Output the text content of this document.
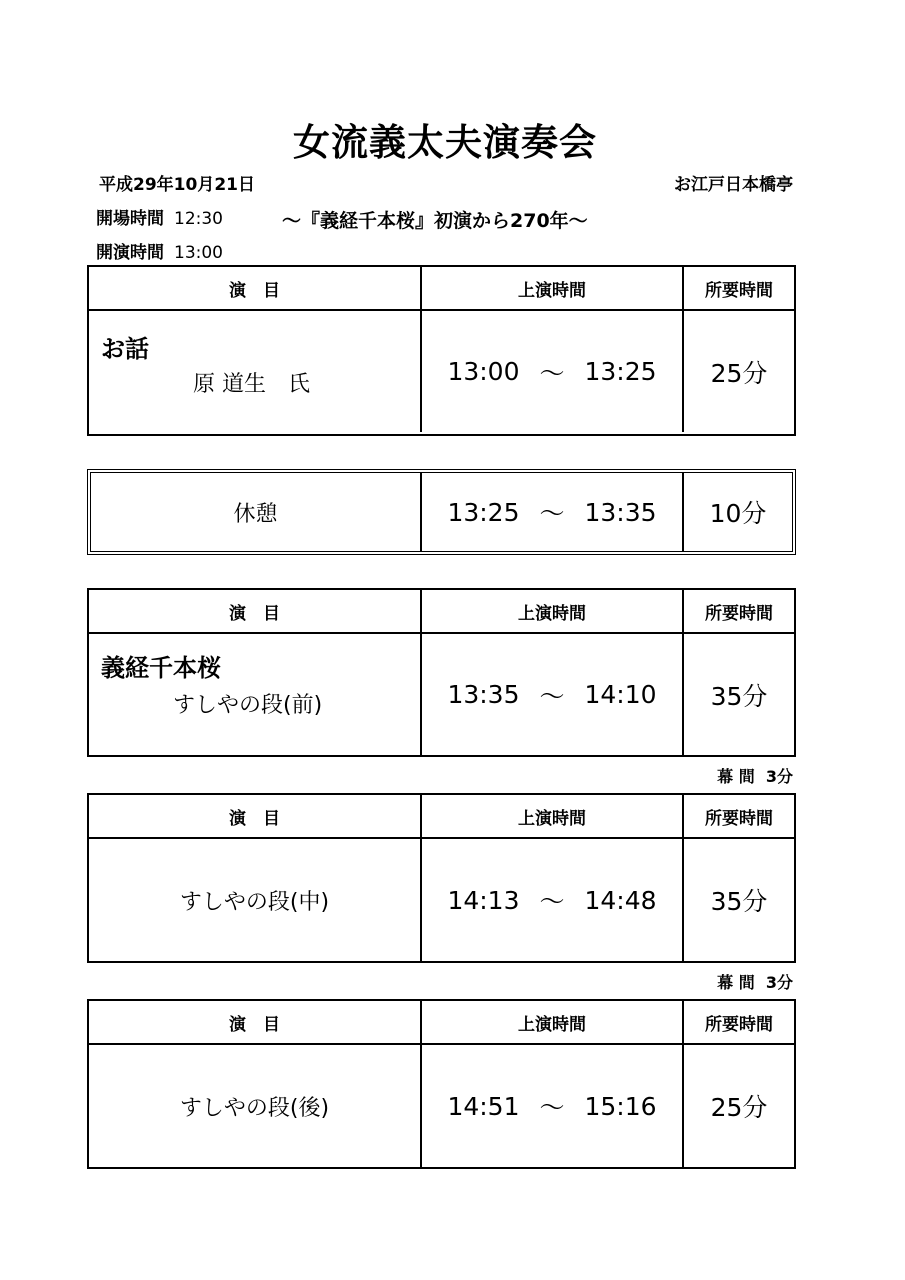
女流義太夫演奏会
平成29年10月21日	お江戸日本橋亭
開場時間 12:30
開演時間 13:00
～『義経千本桜』初演から270年～
演　目	上演時間	所要時間
お話
原 道生　氏	13:00 ～ 13:25	25分
休憩	13:25 ～ 13:35	10分
演　目	上演時間	所要時間
義経千本桜
すしやの段(前)	13:35 ～ 14:10	35分
幕 間 3分
演　目	上演時間	所要時間
すしやの段(中)	14:13 ～ 14:48	35分
幕 間 3分
演　目	上演時間	所要時間
すしやの段(後)	14:51 ～ 15:16	25分
